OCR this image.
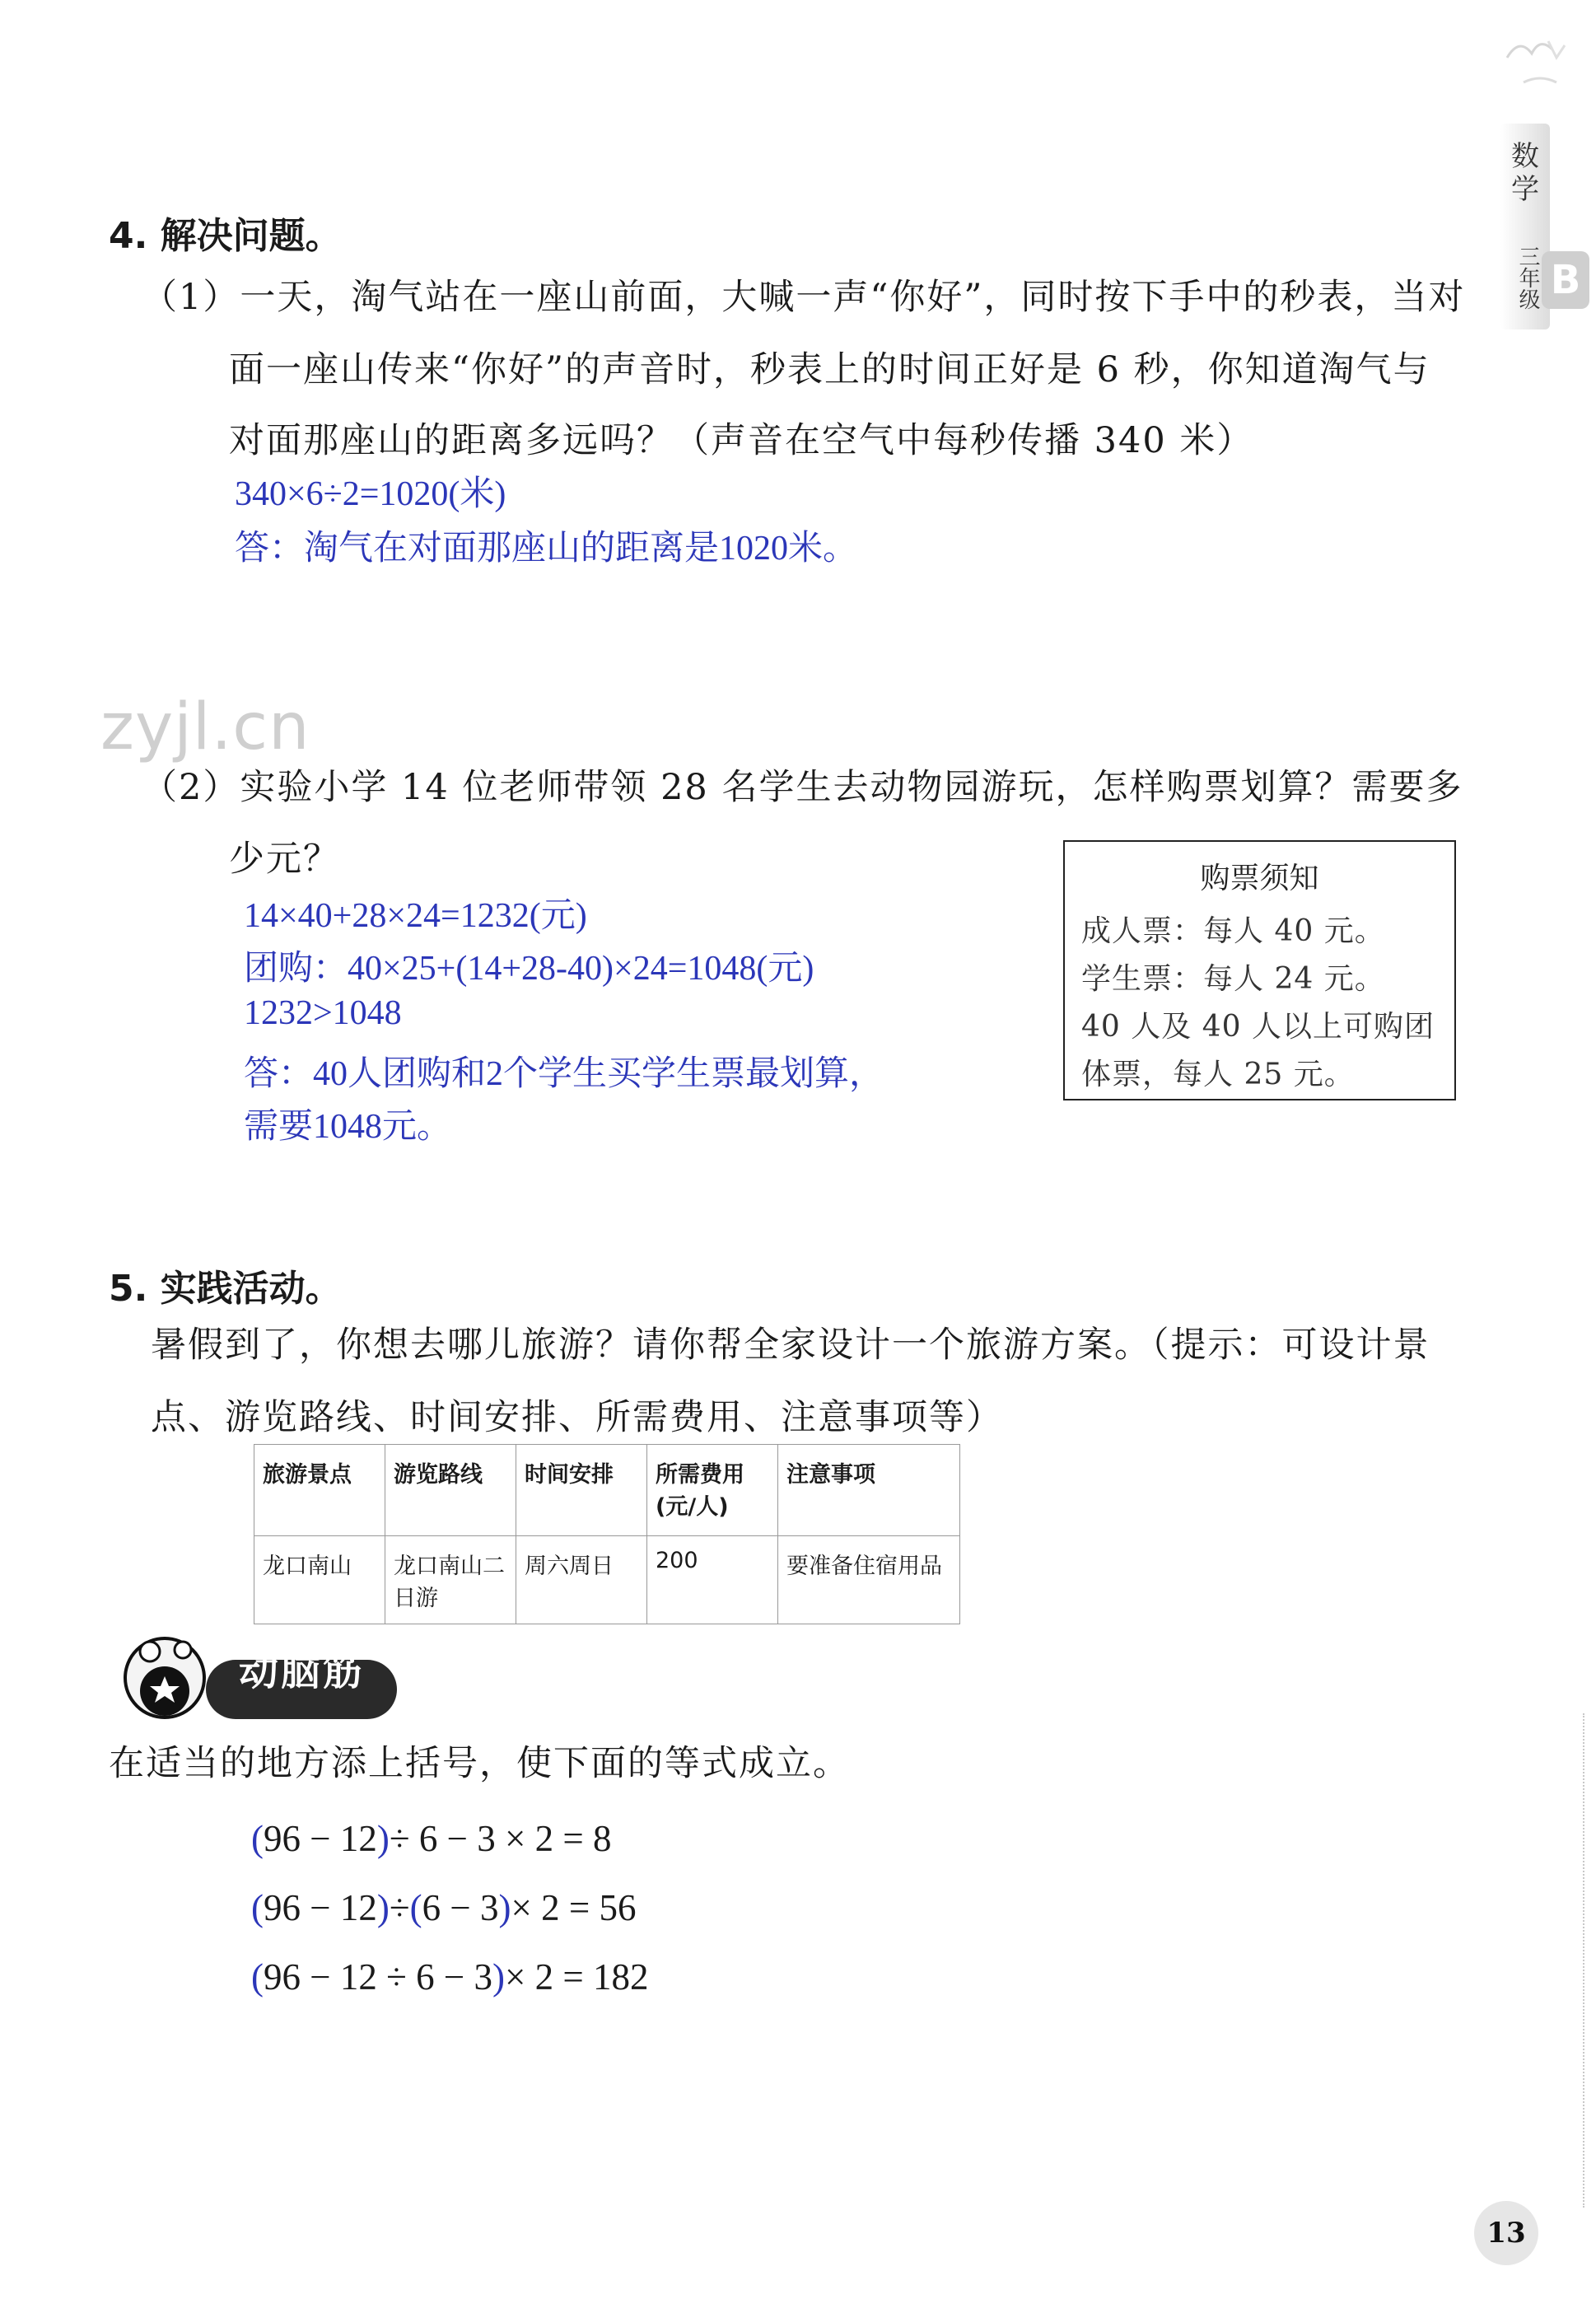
数学
三年级 B
4. 解决问题。
（1）一天，淘气站在一座山前面，大喊一声“你好”，同时按下手中的秒表，当对
面一座山传来“你好”的声音时，秒表上的时间正好是 6 秒，你知道淘气与
对面那座山的距离多远吗？（声音在空气中每秒传播 340 米）
340×6÷2=1020(米)
答：淘气在对面那座山的距离是1020米。
zyjl.cn
（2）实验小学 14 位老师带领 28 名学生去动物园游玩，怎样购票划算？需要多
少元？
14×40+28×24=1232(元)
团购：40×25+(14+28-40)×24=1048(元)
1232>1048
答：40人团购和2个学生买学生票最划算，
需要1048元。
购票须知
成人票：每人 40 元。
学生票：每人 24 元。
40 人及 40 人以上可购团
体票，每人 25 元。
5. 实践活动。
暑假到了，你想去哪儿旅游？请你帮全家设计一个旅游方案。（提示：可设计景
点、游览路线、时间安排、所需费用、注意事项等）
旅游景点	游览路线	时间安排	所需费用
(元/人)	注意事项
龙口南山	龙口南山二
日游	周六周日	200	要准备住宿用品
动脑筋
在适当的地方添上括号，使下面的等式成立。
(96 − 12)÷ 6 − 3 × 2 = 8
(96 − 12)÷(6 − 3)× 2 = 56
(96 − 12 ÷ 6 − 3)× 2 = 182
13
